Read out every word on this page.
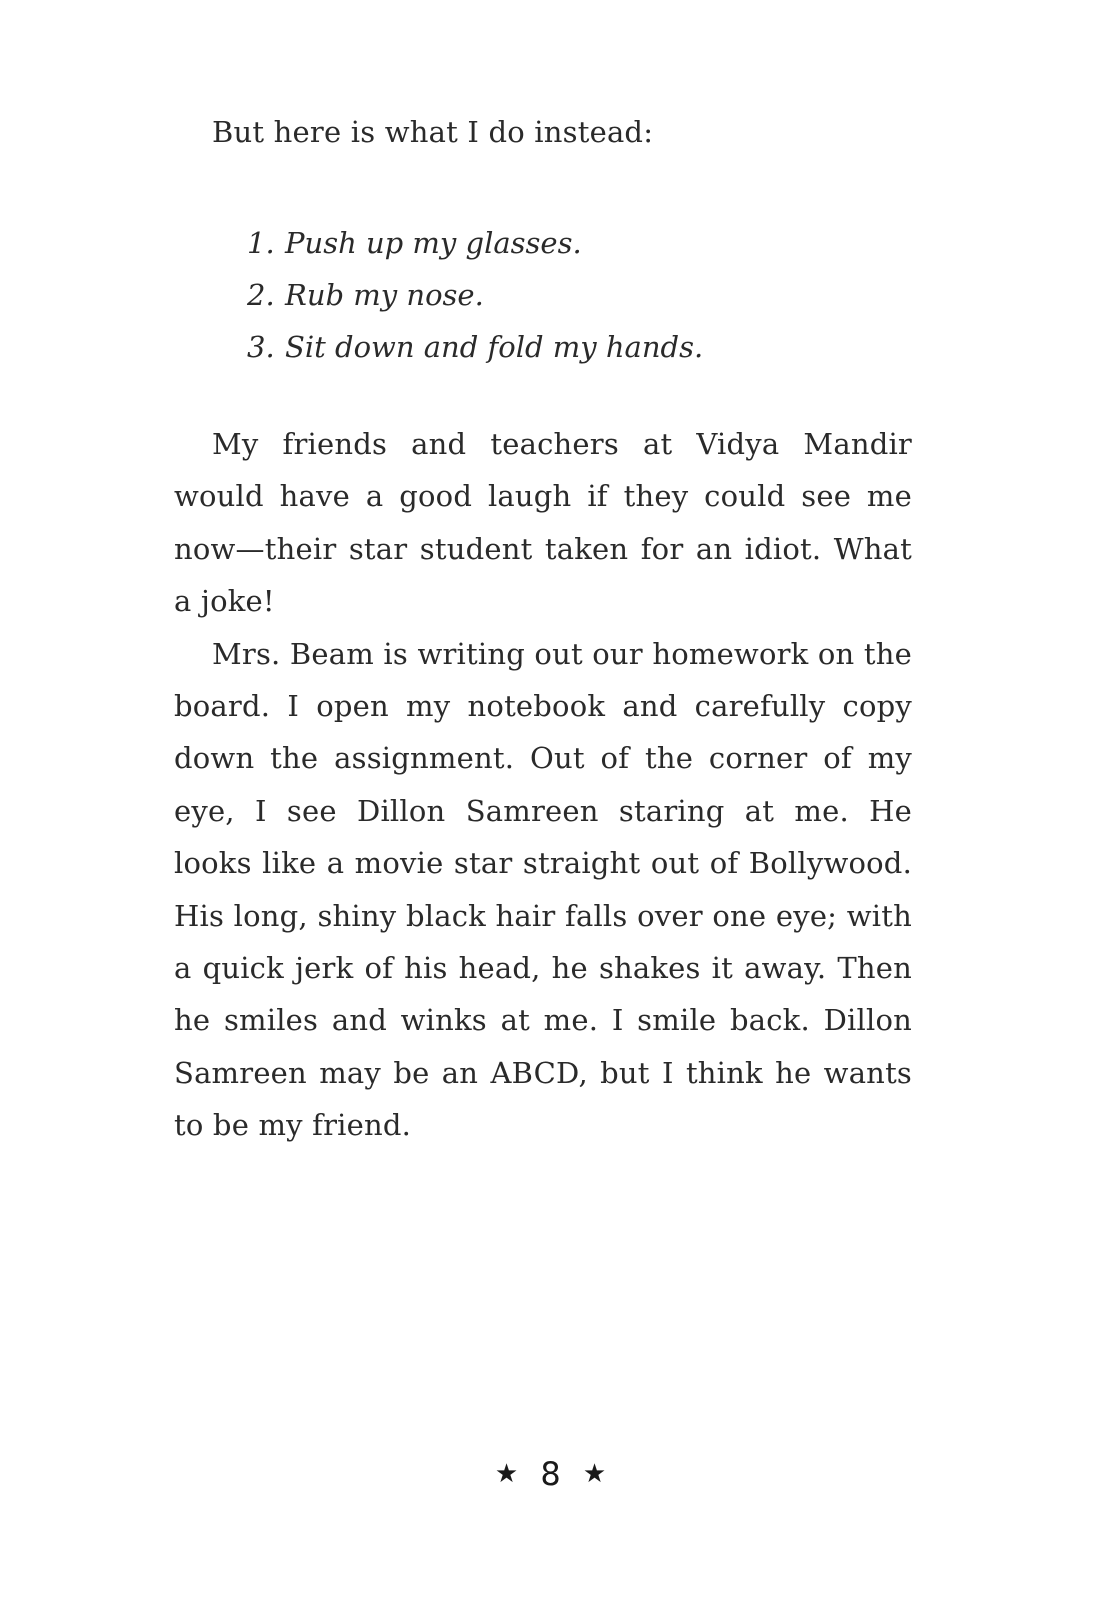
But here is what I do instead:
1. Push up my glasses.
2. Rub my nose.
3. Sit down and fold my hands.

My friends and teachers at Vidya Mandir would have a good laugh if they could see me now—their star student taken for an idiot. What a joke!

Mrs. Beam is writing out our homework on the board. I open my notebook and carefully copy down the assignment. Out of the corner of my eye, I see Dillon Samreen staring at me. He looks like a movie star straight out of Bollywood. His long, shiny black hair falls over one eye; with a quick jerk of his head, he shakes it away. Then he smiles and winks at me. I smile back. Dillon Samreen may be an ABCD, but I think he wants to be my friend.

★ 8 ★
